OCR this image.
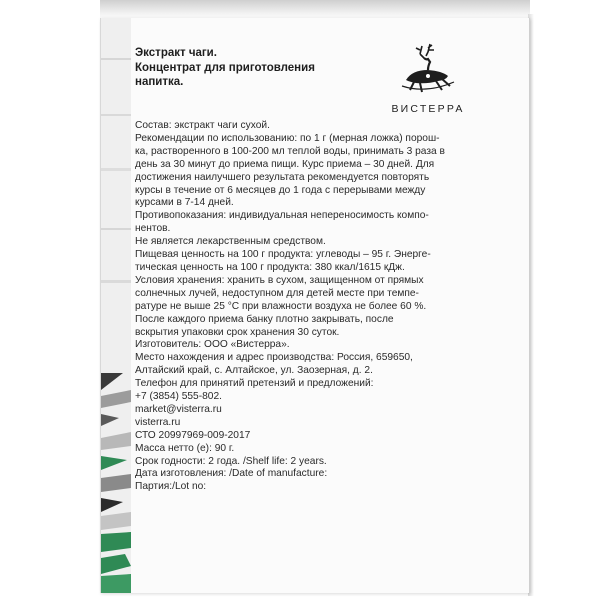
Экстракт чаги.
Концентрат для приготовления
напитка.
ВИСТЕРРА

Состав: экстракт чаги сухой.

Рекомендации по использованию: по 1 г (мерная ложка) порош-

ка, растворенного в 100-200 мл теплой воды, принимать 3 раза в

день за 30 минут до приема пищи. Курс приема – 30 дней. Для

достижения наилучшего результата рекомендуется повторять

курсы в течение от 6 месяцев до 1 года с перерывами между

курсами в 7-14 дней.

Противопоказания: индивидуальная непереносимость компо-

нентов.

Не является лекарственным средством.

Пищевая ценность на 100 г продукта: углеводы – 95 г. Энерге-

тическая ценность на 100 г продукта: 380 ккал/1615 кДж.

Условия хранения: хранить в сухом, защищенном от прямых

солнечных лучей, недоступном для детей месте при темпе-

ратуре не выше 25 °С при влажности воздуха не более 60 %.

После каждого приема банку плотно закрывать, после

вскрытия упаковки срок хранения 30 суток.

Изготовитель: ООО «Вистерра».

Место нахождения и адрес производства: Россия, 659650,

Алтайский край, с. Алтайское, ул. Заозерная, д. 2.

Телефон для принятий претензий и предложений:

+7 (3854) 555-802.

market@visterra.ru

visterra.ru

СТО 20997969-009-2017

Масса нетто (е): 90 г.

Срок годности: 2 года. /Shelf life: 2 years.

Дата изготовления: /Date of manufacture:

Партия:/Lot no:
